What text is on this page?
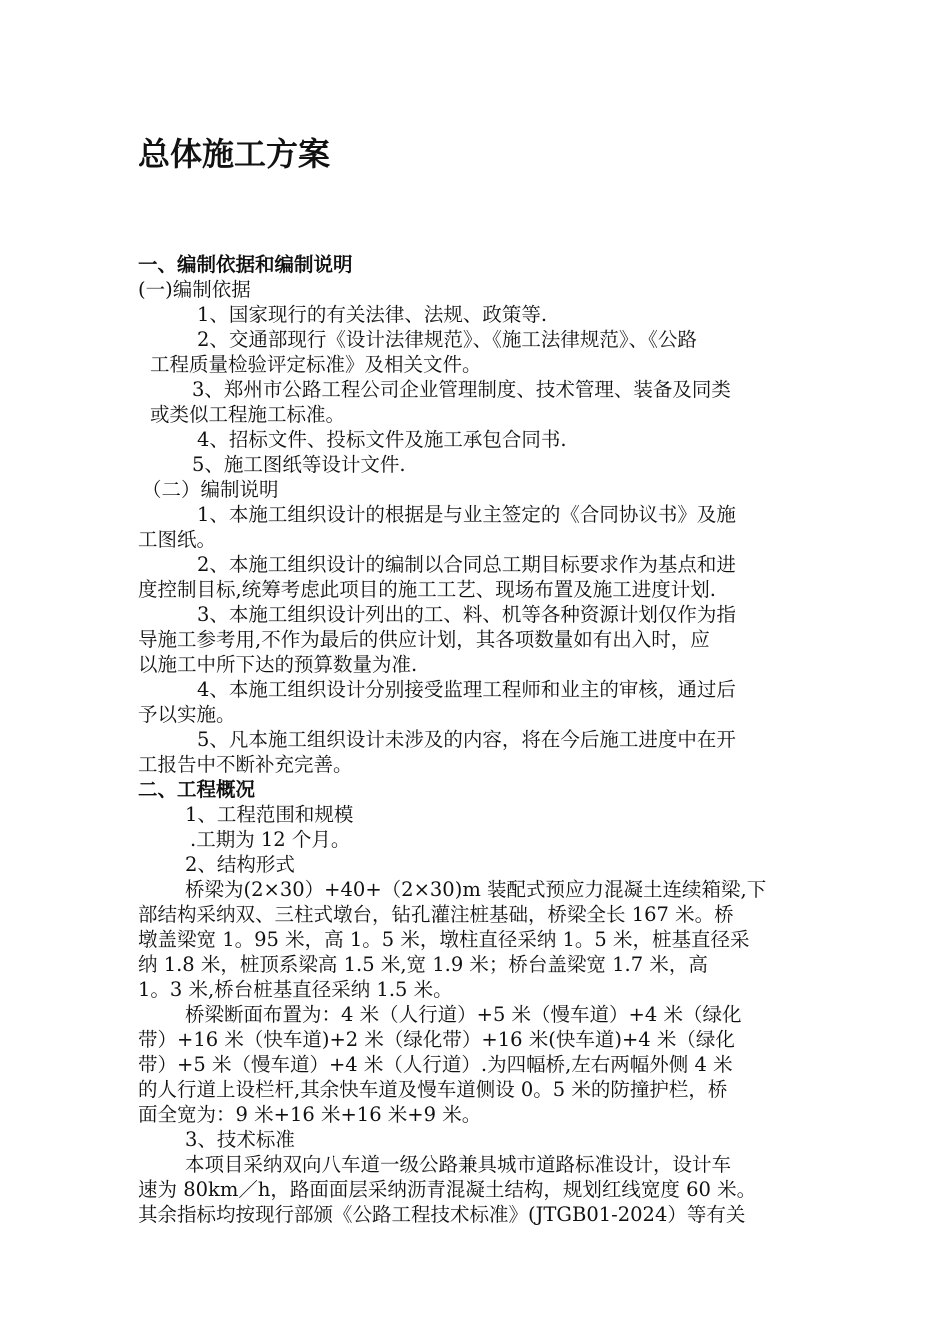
总体施工方案
一、编制依据和编制说明
(一)编制依据
1、国家现行的有关法律、法规、政策等.
2、交通部现行《设计法律规范》、《施工法律规范》、《公路
工程质量检验评定标准》及相关文件。
3、郑州市公路工程公司企业管理制度、技术管理、装备及同类
或类似工程施工标准。
4、招标文件、投标文件及施工承包合同书.
5、施工图纸等设计文件.
（二）编制说明
1、本施工组织设计的根据是与业主签定的《合同协议书》及施
工图纸。
2、本施工组织设计的编制以合同总工期目标要求作为基点和进
度控制目标,统筹考虑此项目的施工工艺、现场布置及施工进度计划.
3、本施工组织设计列出的工、料、机等各种资源计划仅作为指
导施工参考用,不作为最后的供应计划，其各项数量如有出入时，应
以施工中所下达的预算数量为准.
4、本施工组织设计分别接受监理工程师和业主的审核，通过后
予以实施。
5、凡本施工组织设计未涉及的内容，将在今后施工进度中在开
工报告中不断补充完善。
二、工程概况
1、工程范围和规模
.工期为 12 个月。
2、结构形式
桥梁为(2×30）+40+（2×30)m 装配式预应力混凝土连续箱梁,下
部结构采纳双、三柱式墩台，钻孔灌注桩基础，桥梁全长 167 米。桥
墩盖梁宽 1。95 米，高 1。5 米，墩柱直径采纳 1。5 米，桩基直径采
纳 1.8 米，桩顶系梁高 1.5 米,宽 1.9 米；桥台盖梁宽 1.7 米，高
1。3 米,桥台桩基直径采纳 1.5 米。
桥梁断面布置为：4 米（人行道）+5 米（慢车道）+4 米（绿化
带）+16 米（快车道)+2 米（绿化带）+16 米(快车道)+4 米（绿化
带）+5 米（慢车道）+4 米（人行道）.为四幅桥,左右两幅外侧 4 米
的人行道上设栏杆,其余快车道及慢车道侧设 0。5 米的防撞护栏，桥
面全宽为：9 米+16 米+16 米+9 米。
3、技术标准
本项目采纳双向八车道一级公路兼具城市道路标准设计，设计车
速为 80km／h，路面面层采纳沥青混凝土结构，规划红线宽度 60 米。
其余指标均按现行部颁《公路工程技术标准》(JTGB01-2024）等有关
